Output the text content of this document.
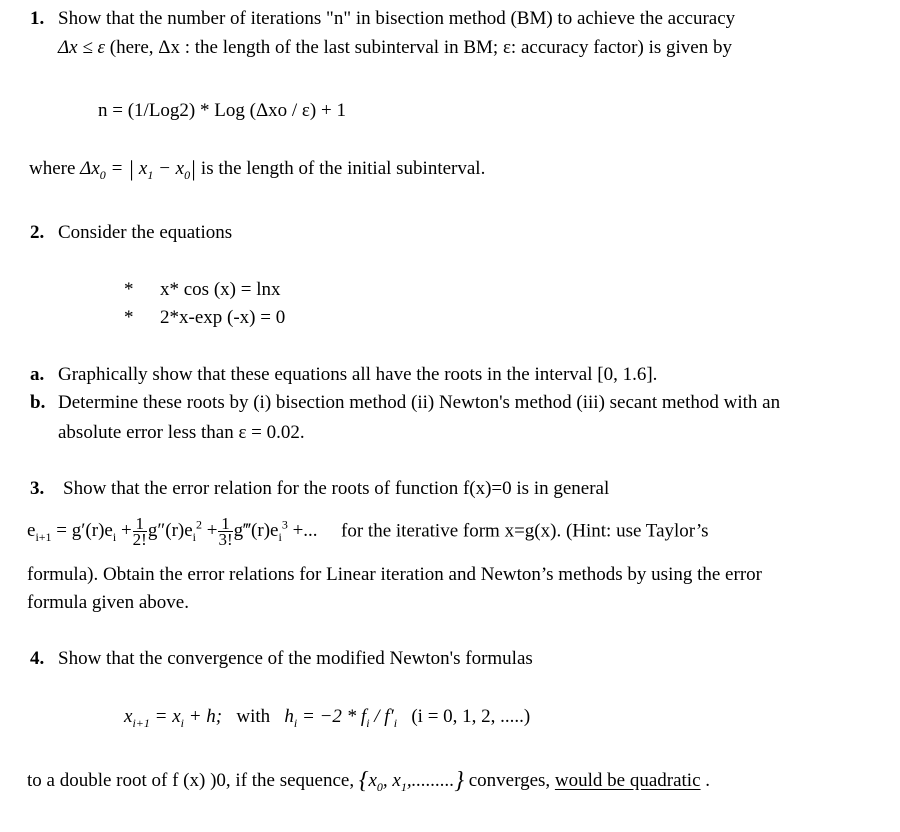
1. Show that the number of iterations "n" in bisection method (BM) to achieve the accuracy
Δx ≤ ε (here, Δx : the length of the last subinterval in BM; ε: accuracy factor) is given by
n = (1/Log2) * Log (Δxo / ε) + 1
where $\Delta x_0$ = | $x_1 - x_0|$ is the length of the initial subinterval.
2. Consider the equations
* x* cos (x) = lnx
* 2*x-exp (-x) = 0
a. Graphically show that these equations all have the roots in the interval [0, 1.6].
b. Determine these roots by (i) bisection method (ii) Newton's method (iii) secant method with an
absolute error less than ε = 0.02.
3. Show that the error relation for the roots of function f(x)=0 is in general
$e_{i+1} = g'(r)e_i + \frac{1}{2!} g''(r)e_i^2 + \frac{1}{3!}$ $g‴(r)e_i^3$ +... for the iterative form x=g(x). (Hint: use Taylor’s
formula). Obtain the error relations for Linear iteration and Newton’s methods by using the error
formula given above.
4. Show that the convergence of the modified Newton's formulas
$x_{i+1} = x_i + h$; with $h_i = -2 * f_i / f'_i$ (i = 0, 1, 2, .....)
to a double root of f (x) )0, if the sequence, {$x_0$, $x_1$,.........} converges, would be quadratic .
